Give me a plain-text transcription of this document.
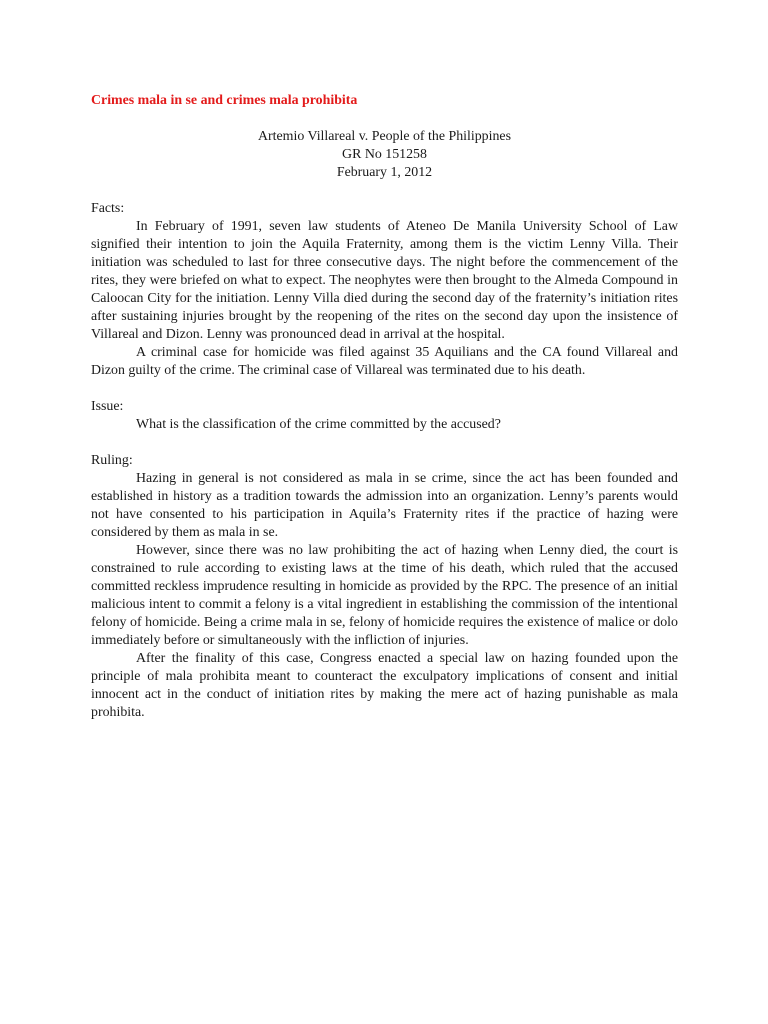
Crimes mala in se and crimes mala prohibita
Artemio Villareal v. People of the Philippines
GR No 151258
February 1, 2012
Facts:

In February of 1991, seven law students of Ateneo De Manila University School of Law signified their intention to join the Aquila Fraternity, among them is the victim Lenny Villa. Their initiation was scheduled to last for three consecutive days. The night before the commencement of the rites, they were briefed on what to expect. The neophytes were then brought to the Almeda Compound in Caloocan City for the initiation. Lenny Villa died during the second day of the fraternity’s initiation rites after sustaining injuries brought by the reopening of the rites on the second day upon the insistence of Villareal and Dizon. Lenny was pronounced dead in arrival at the hospital.

A criminal case for homicide was filed against 35 Aquilians and the CA found Villareal and Dizon guilty of the crime. The criminal case of Villareal was terminated due to his death.

Issue:

What is the classification of the crime committed by the accused?

Ruling:

Hazing in general is not considered as mala in se crime, since the act has been founded and established in history as a tradition towards the admission into an organization. Lenny’s parents would not have consented to his participation in Aquila’s Fraternity rites if the practice of hazing were considered by them as mala in se.

However, since there was no law prohibiting the act of hazing when Lenny died, the court is constrained to rule according to existing laws at the time of his death, which ruled that the accused committed reckless imprudence resulting in homicide as provided by the RPC. The presence of an initial malicious intent to commit a felony is a vital ingredient in establishing the commission of the intentional felony of homicide. Being a crime mala in se, felony of homicide requires the existence of malice or dolo immediately before or simultaneously with the infliction of injuries.

After the finality of this case, Congress enacted a special law on hazing founded upon the principle of mala prohibita meant to counteract the exculpatory implications of consent and initial innocent act in the conduct of initiation rites by making the mere act of hazing punishable as mala prohibita.
